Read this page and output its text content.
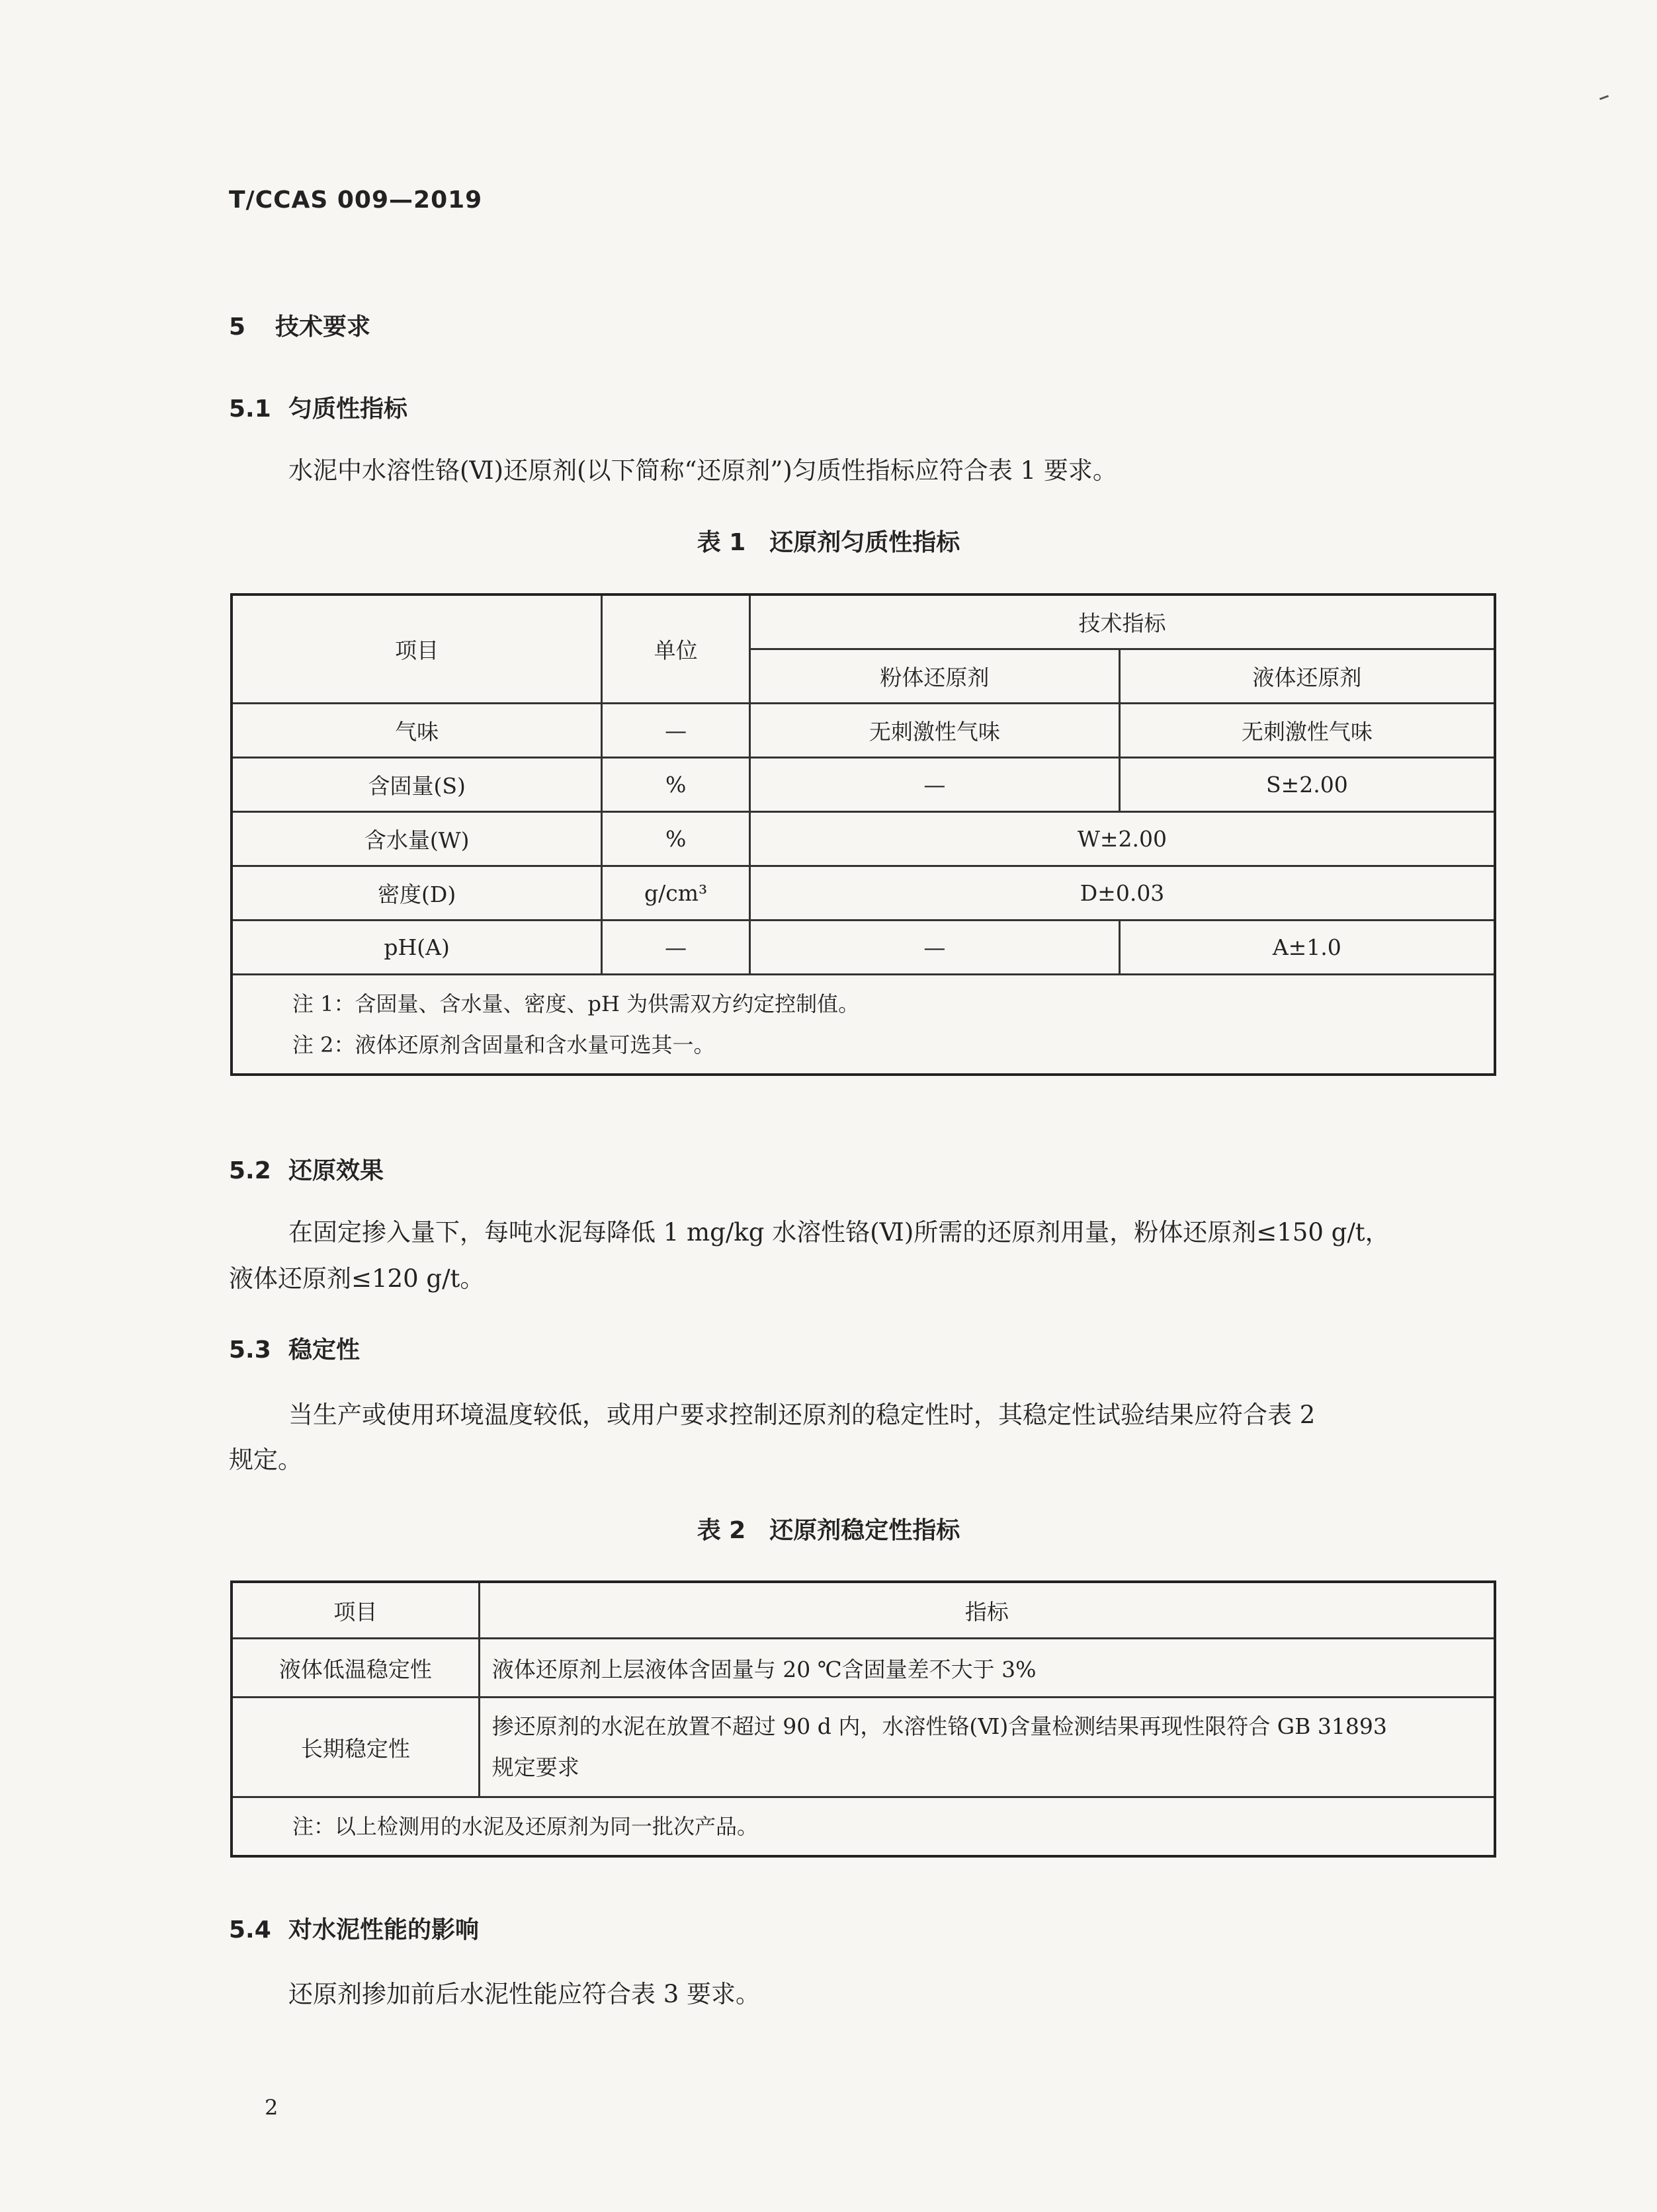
T/CCAS 009—2019
5 技术要求
5.1 匀质性指标
水泥中水溶性铬(Ⅵ)还原剂(以下简称“还原剂”)匀质性指标应符合表 1 要求。
表 1　还原剂匀质性指标
项目	单位	技术指标	
		粉体还原剂	液体还原剂
气味	—	无刺激性气味	无刺激性气味
含固量(S)	%	—	S±2.00
含水量(W)	%	W±2.00	
密度(D)	g/cm³	D±0.03	
pH(A)	—	—	A±1.0

注 1：含固量、含水量、密度、pH 为供需双方约定控制值。
注 2：液体还原剂含固量和含水量可选其一。			
5.2 还原效果
在固定掺入量下，每吨水泥每降低 1 mg/kg 水溶性铬(Ⅵ)所需的还原剂用量，粉体还原剂≤150 g/t，
液体还原剂≤120 g/t。
5.3 稳定性
当生产或使用环境温度较低，或用户要求控制还原剂的稳定性时，其稳定性试验结果应符合表 2
规定。
表 2　还原剂稳定性指标
项目	指标
液体低温稳定性	液体还原剂上层液体含固量与 20 ℃含固量差不大于 3%
长期稳定性	掺还原剂的水泥在放置不超过 90 d 内，水溶性铬(Ⅵ)含量检测结果再现性限符合 GB 31893
规定要求

注：以上检测用的水泥及还原剂为同一批次产品。	
5.4 对水泥性能的影响
还原剂掺加前后水泥性能应符合表 3 要求。
2
